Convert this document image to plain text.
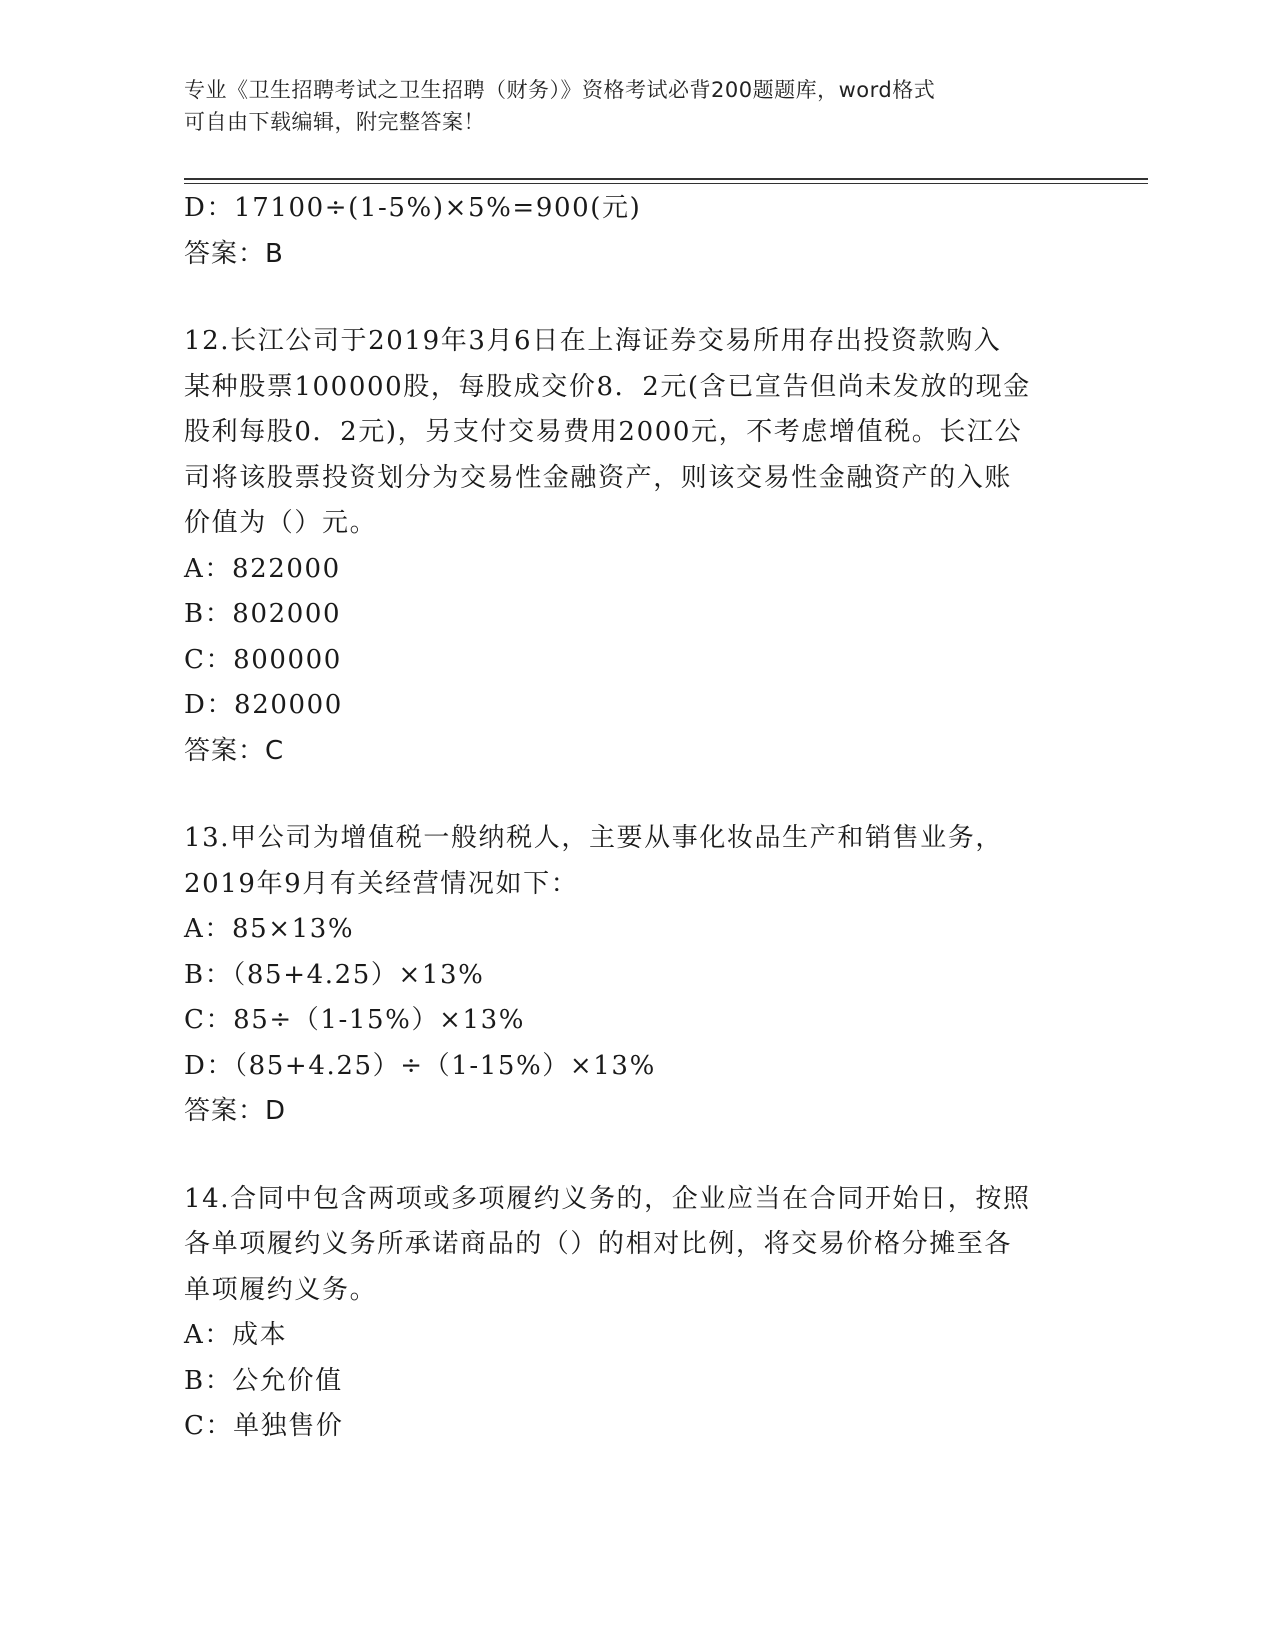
专业《卫生招聘考试之卫生招聘（财务）》资格考试必背200题题库，word格式
可自由下载编辑，附完整答案！
D：17100÷(1-5%)×5%=900(元)
答案：B
12.长江公司于2019年3月6日在上海证券交易所用存出投资款购入
某种股票100000股，每股成交价8．2元(含已宣告但尚未发放的现金
股利每股0．2元)，另支付交易费用2000元，不考虑增值税。长江公
司将该股票投资划分为交易性金融资产，则该交易性金融资产的入账
价值为（）元。
A：822000
B：802000
C：800000
D：820000
答案：C
13.甲公司为增值税一般纳税人，主要从事化妆品生产和销售业务，
2019年9月有关经营情况如下：
A：85×13%
B：（85+4.25）×13%
C：85÷（1-15%）×13%
D：（85+4.25）÷（1-15%）×13%
答案：D
14.合同中包含两项或多项履约义务的，企业应当在合同开始日，按照
各单项履约义务所承诺商品的（）的相对比例，将交易价格分摊至各
单项履约义务。
A：成本
B：公允价值
C：单独售价
